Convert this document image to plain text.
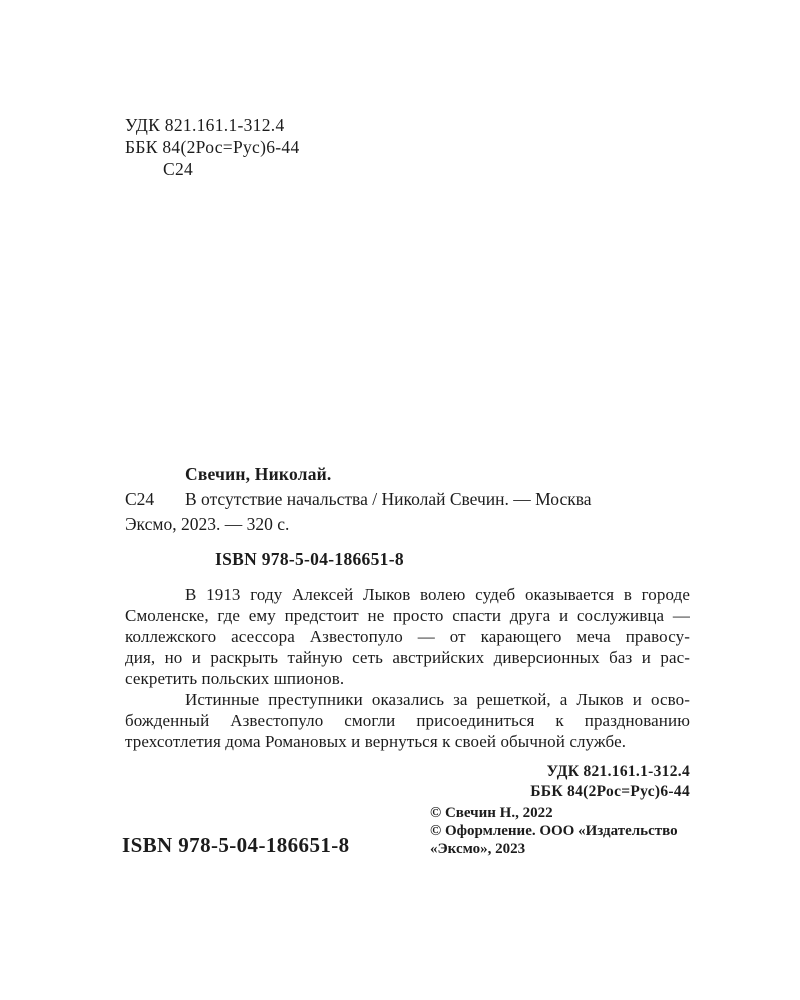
УДК 821.161.1-312.4
ББК 84(2Рос=Рус)6-44
С24
Свечин, Николай.
С24 В отсутствие начальства / Николай Свечин. — Москва
Эксмо, 2023. — 320 с.
ISBN 978-5-04-186651-8
В 1913 году Алексей Лыков волею судеб оказывается в городе
Смоленске, где ему предстоит не просто спасти друга и сослуживца —
коллежского асессора Азвестопуло — от карающего меча правосу-
дия, но и раскрыть тайную сеть австрийских диверсионных баз и рас-
секретить польских шпионов.
Истинные преступники оказались за решеткой, а Лыков и осво-
божденный Азвестопуло смогли присоединиться к празднованию
трехсотлетия дома Романовых и вернуться к своей обычной службе.
УДК 821.161.1-312.4
ББК 84(2Рос=Рус)6-44
ISBN 978-5-04-186651-8
© Свечин Н., 2022
© Оформление. ООО «Издательство
«Эксмо», 2023
